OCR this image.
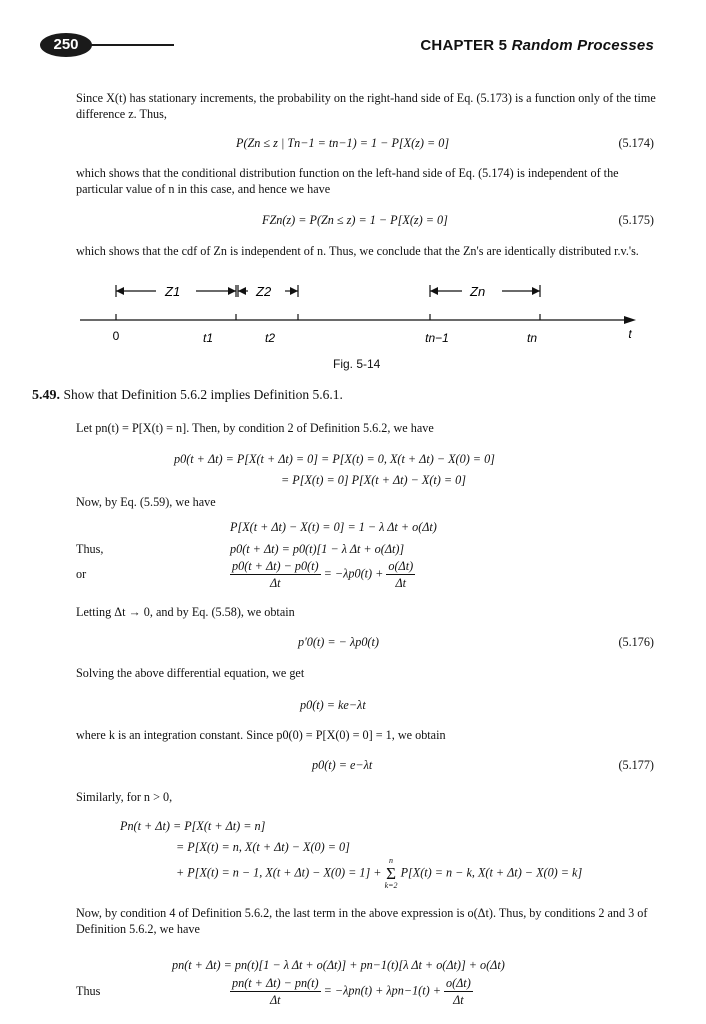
250	CHAPTER 5 Random Processes
Since X(t) has stationary increments, the probability on the right-hand side of Eq. (5.173) is a function only of the time difference z. Thus,
P(Zn ≤ z | Tn−1 = tn−1) = 1 − P[X(z) = 0]	(5.174)
which shows that the conditional distribution function on the left-hand side of Eq. (5.174) is independent of the particular value of n in this case, and hence we have
FZn(z) = P(Zn ≤ z) = 1 − P[X(z) = 0]	(5.175)
which shows that the cdf of Zn is independent of n. Thus, we conclude that the Zn's are identically distributed r.v.'s.
Z1	Z2	Zn
0	t1	t2	tn−1	tn	t
Fig. 5-14
5.49. Show that Definition 5.6.2 implies Definition 5.6.1.
Let pn(t) = P[X(t) = n]. Then, by condition 2 of Definition 5.6.2, we have
p0(t + Δt) = P[X(t + Δt) = 0] = P[X(t) = 0, X(t + Δt) − X(0) = 0]
= P[X(t) = 0] P[X(t + Δt) − X(t) = 0]
Now, by Eq. (5.59), we have
P[X(t + Δt) − X(t) = 0] = 1 − λ Δt + o(Δt)
Thus,	p0(t + Δt) = p0(t)[1 − λ Δt + o(Δt)]
or	$\frac{p0(t + \Delta t) - p0(t)}{\Delta t} = -\lambda p0(t) + \frac{o(\Delta t)}{\Delta t}$
Letting Δt → 0, and by Eq. (5.58), we obtain
p′0(t) = − λp0(t)	(5.176)
Solving the above differential equation, we get
p0(t) = ke−λt
where k is an integration constant. Since p0(0) = P[X(0) = 0] = 1, we obtain
p0(t) = e−λt	(5.177)
Similarly, for n > 0,
Pn(t + Δt) = P[X(t + Δt) = n]
= P[X(t) = n, X(t + Δt) − X(0) = 0]
+ P[X(t) = n − 1, X(t + Δt) − X(0) = 1] +
n
Σ
k=2
P[X(t) = n − k, X(t + Δt) − X(0) = k]
Now, by condition 4 of Definition 5.6.2, the last term in the above expression is o(Δt). Thus, by conditions 2 and 3 of Definition 5.6.2, we have
pn(t + Δt) = pn(t)[1 − λ Δt + o(Δt)] + pn−1(t)[λ Δt + o(Δt)] + o(Δt)
Thus	$\frac{pn(t + \Delta t) - pn(t)}{\Delta t} = -\lambda pn(t) + \lambda pn-1(t) + \frac{o(\Delta t)}{\Delta t}$
